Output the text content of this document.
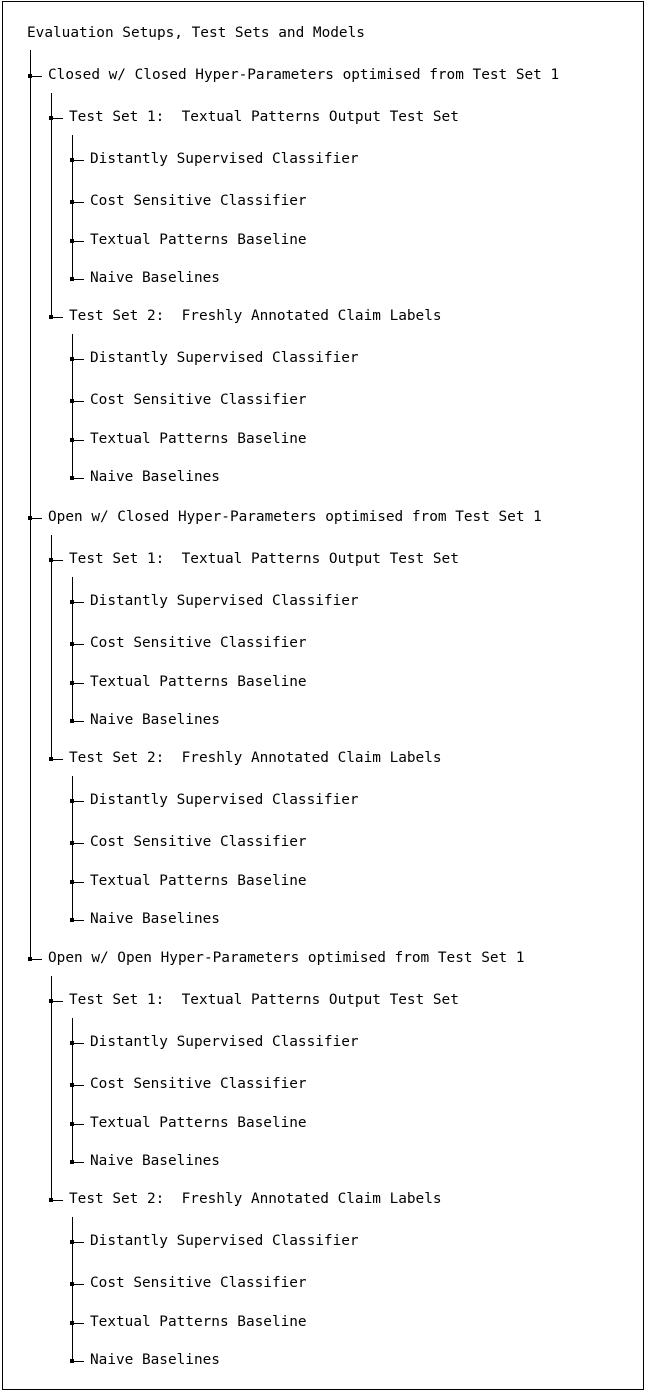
Evaluation Setups, Test Sets and Models
Closed w/ Closed Hyper-Parameters optimised from Test Set 1
Test Set 1:  Textual Patterns Output Test Set
Distantly Supervised Classifier
Cost Sensitive Classifier
Textual Patterns Baseline
Naive Baselines
Test Set 2:  Freshly Annotated Claim Labels
Distantly Supervised Classifier
Cost Sensitive Classifier
Textual Patterns Baseline
Naive Baselines
Open w/ Closed Hyper-Parameters optimised from Test Set 1
Test Set 1:  Textual Patterns Output Test Set
Distantly Supervised Classifier
Cost Sensitive Classifier
Textual Patterns Baseline
Naive Baselines
Test Set 2:  Freshly Annotated Claim Labels
Distantly Supervised Classifier
Cost Sensitive Classifier
Textual Patterns Baseline
Naive Baselines
Open w/ Open Hyper-Parameters optimised from Test Set 1
Test Set 1:  Textual Patterns Output Test Set
Distantly Supervised Classifier
Cost Sensitive Classifier
Textual Patterns Baseline
Naive Baselines
Test Set 2:  Freshly Annotated Claim Labels
Distantly Supervised Classifier
Cost Sensitive Classifier
Textual Patterns Baseline
Naive Baselines
